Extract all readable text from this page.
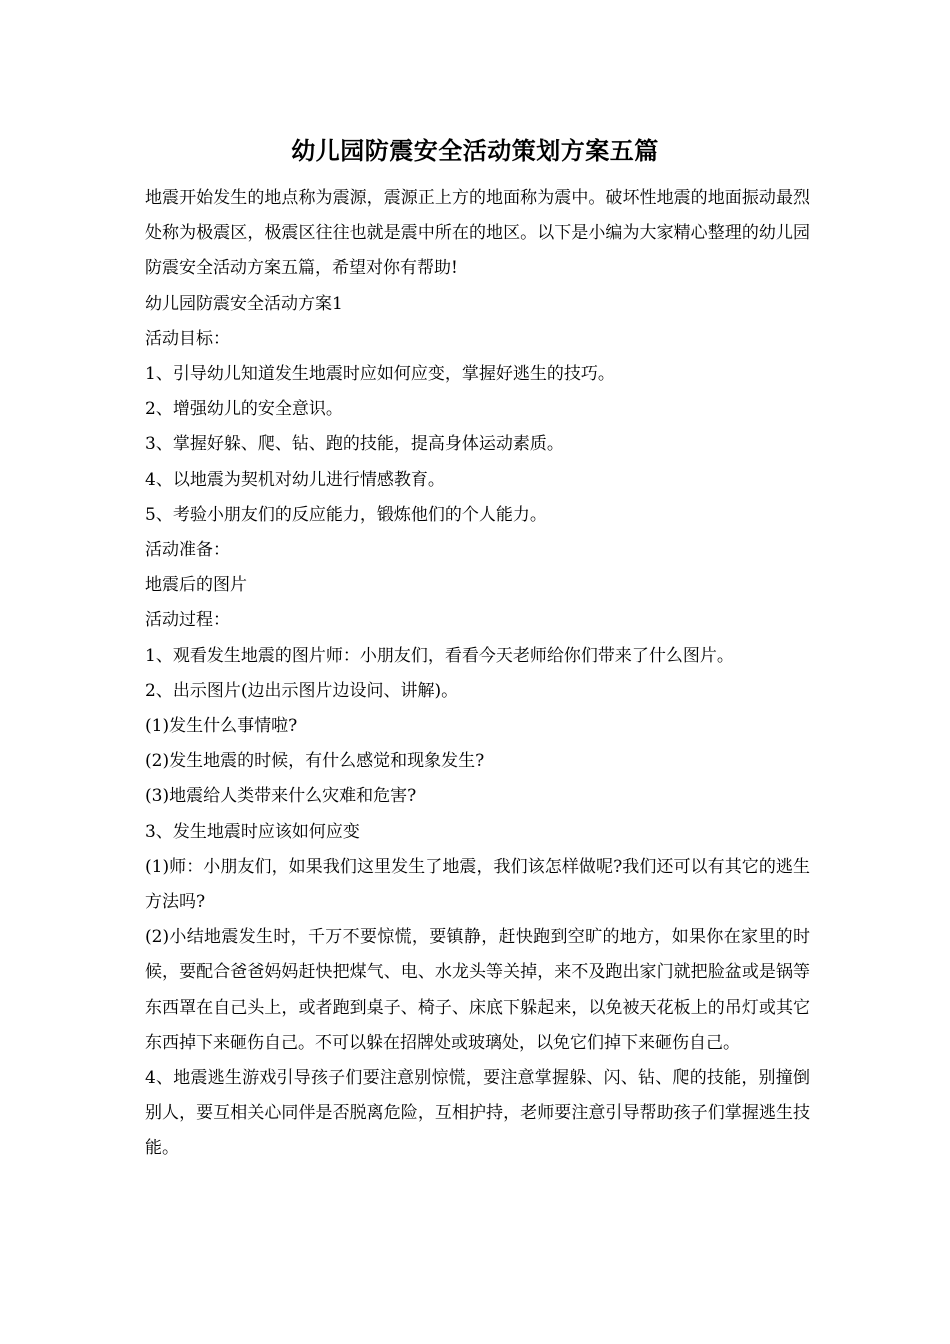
幼儿园防震安全活动策划方案五篇

地震开始发生的地点称为震源，震源正上方的地面称为震中。破坏性地震的地面振动最烈处称为极震区，极震区往往也就是震中所在的地区。以下是小编为大家精心整理的幼儿园防震安全活动方案五篇，希望对你有帮助!

幼儿园防震安全活动方案1

活动目标：

1、引导幼儿知道发生地震时应如何应变，掌握好逃生的技巧。

2、增强幼儿的安全意识。

3、掌握好躲、爬、钻、跑的技能，提高身体运动素质。

4、以地震为契机对幼儿进行情感教育。

5、考验小朋友们的反应能力，锻炼他们的个人能力。

活动准备：

地震后的图片

活动过程：

1、观看发生地震的图片师：小朋友们，看看今天老师给你们带来了什么图片。

2、出示图片(边出示图片边设问、讲解)。

(1)发生什么事情啦?

(2)发生地震的时候，有什么感觉和现象发生?

(3)地震给人类带来什么灾难和危害?

3、发生地震时应该如何应变

(1)师：小朋友们，如果我们这里发生了地震，我们该怎样做呢?我们还可以有其它的逃生方法吗?

(2)小结地震发生时，千万不要惊慌，要镇静，赶快跑到空旷的地方，如果你在家里的时候，要配合爸爸妈妈赶快把煤气、电、水龙头等关掉，来不及跑出家门就把脸盆或是锅等东西罩在自己头上，或者跑到桌子、椅子、床底下躲起来，以免被天花板上的吊灯或其它东西掉下来砸伤自己。不可以躲在招牌处或玻璃处，以免它们掉下来砸伤自己。

4、地震逃生游戏引导孩子们要注意别惊慌，要注意掌握躲、闪、钻、爬的技能，别撞倒别人，要互相关心同伴是否脱离危险，互相护持，老师要注意引导帮助孩子们掌握逃生技能。
